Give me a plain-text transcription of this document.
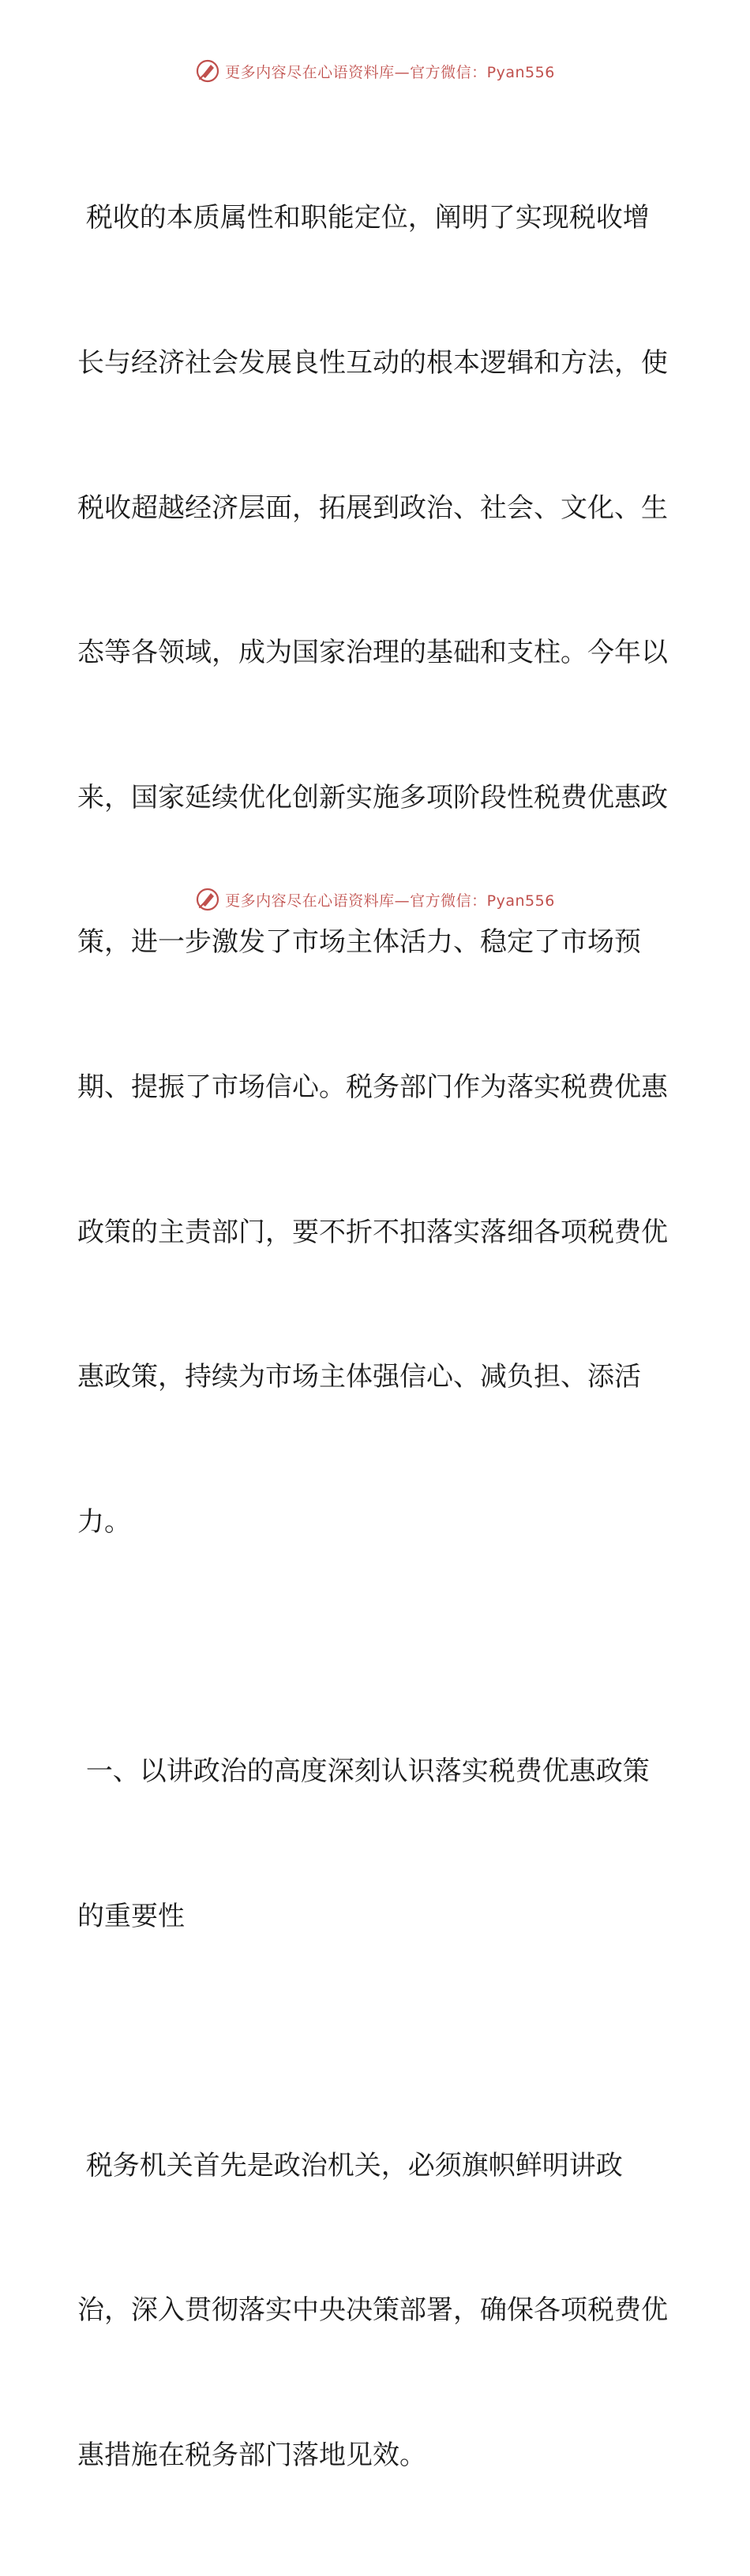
更多内容尽在心语资料库—官方微信：Pyan556

税收的本质属性和职能定位，阐明了实现税收增

长与经济社会发展良性互动的根本逻辑和方法，使

税收超越经济层面，拓展到政治、社会、文化、生

态等各领域，成为国家治理的基础和支柱。今年以

来，国家延续优化创新实施多项阶段性税费优惠政

策，进一步激发了市场主体活力、稳定了市场预

期、提振了市场信心。税务部门作为落实税费优惠

政策的主责部门，要不折不扣落实落细各项税费优

惠政策，持续为市场主体强信心、减负担、添活

力。

一、以讲政治的高度深刻认识落实税费优惠政策

的重要性

税务机关首先是政治机关，必须旗帜鲜明讲政

治，深入贯彻落实中央决策部署，确保各项税费优

惠措施在税务部门落地见效。

更多内容尽在心语资料库—官方微信：Pyan556
